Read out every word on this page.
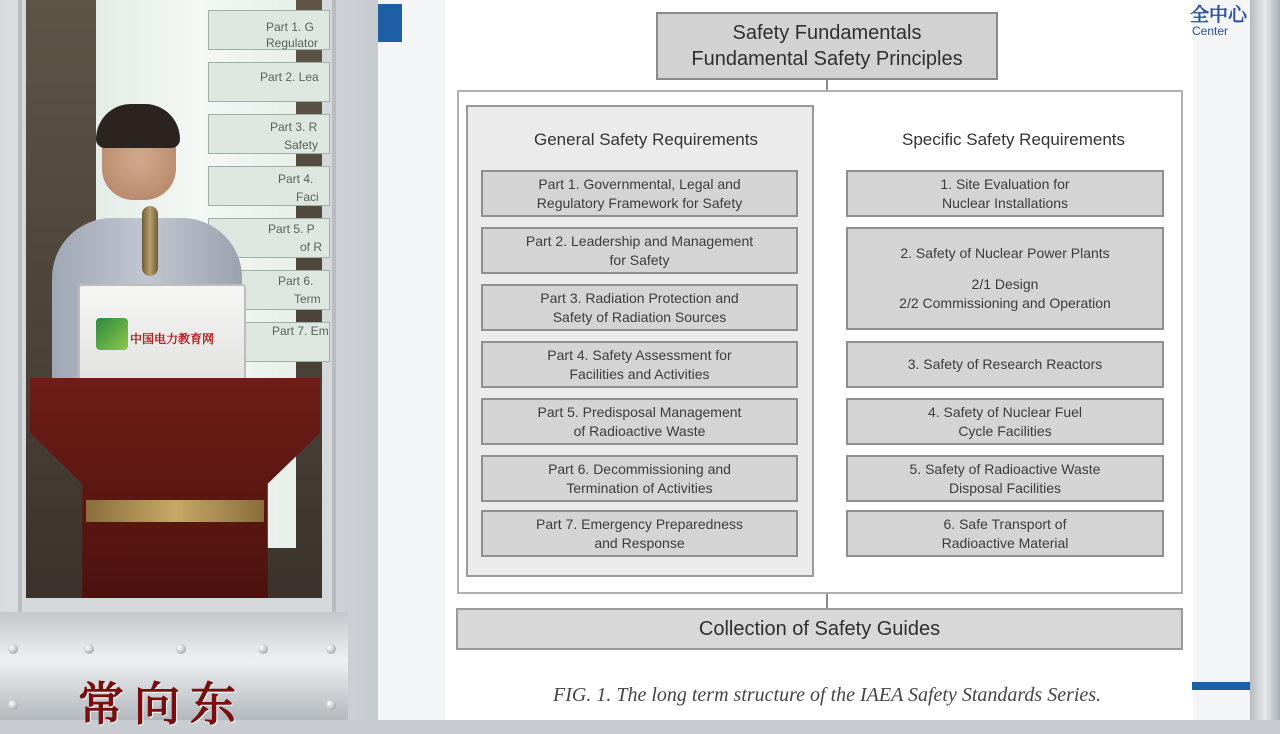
Part 1. G
Regulator
Part 2. Lea
Part 3. R
Safety
Part 4.
Faci
Part 5. P
of R
Part 6.
Term
Part 7. Em
中国电力教育网
常向东
全中心
Center
Safety Fundamentals
Fundamental Safety Principles
General Safety Requirements	Specific Safety Requirements
Part 1. Governmental, Legal and
Regulatory Framework for Safety
Part 2. Leadership and Management
for Safety
Part 3. Radiation Protection and
Safety of Radiation Sources
Part 4. Safety Assessment for
Facilities and Activities
Part 5. Predisposal Management
of Radioactive Waste
Part 6. Decommissioning and
Termination of Activities
Part 7. Emergency Preparedness
and Response
1. Site Evaluation for
Nuclear Installations
2. Safety of Nuclear Power Plants
2/1 Design
2/2 Commissioning and Operation
3. Safety of Research Reactors
4. Safety of Nuclear Fuel
Cycle Facilities
5. Safety of Radioactive Waste
Disposal Facilities
6. Safe Transport of
Radioactive Material
Collection of Safety Guides
FIG. 1. The long term structure of the IAEA Safety Standards Series.
